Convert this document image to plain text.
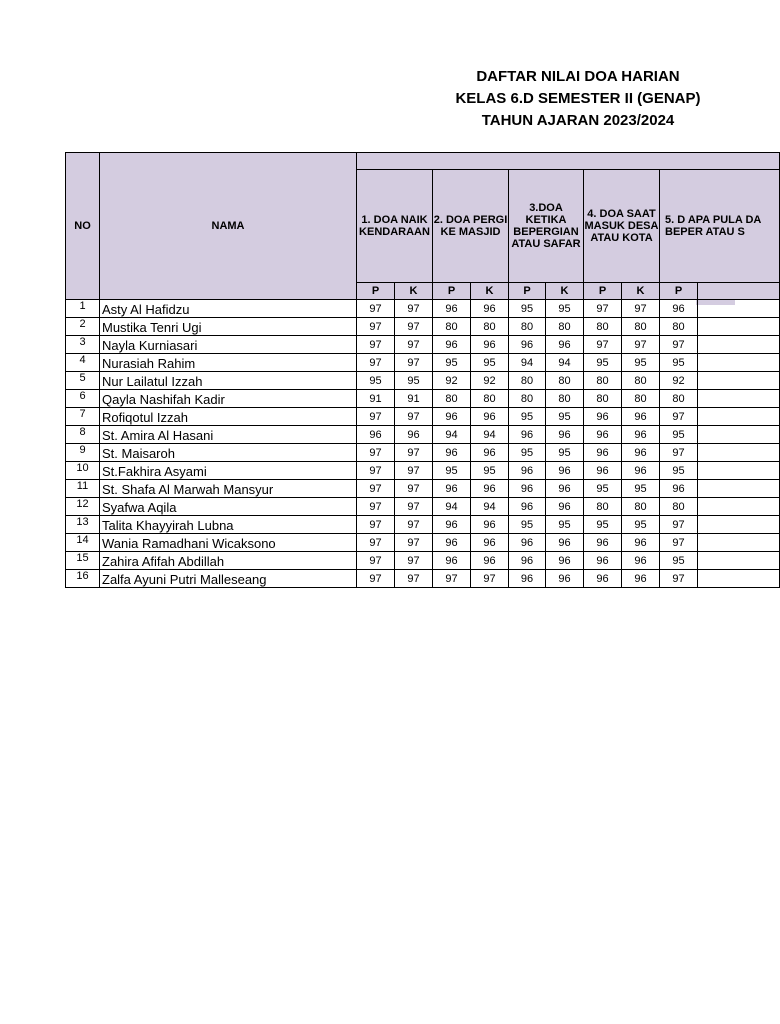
DAFTAR NILAI DOA HARIAN
KELAS 6.D SEMESTER II (GENAP)
TAHUN AJARAN 2023/2024
NO	NAMA										
		1. DOA NAIK KENDARAAN		2. DOA PERGI KE MASJID		3.DOA KETIKA BEPERGIAN ATAU SAFAR		4. DOA SAAT MASUK DESA ATAU KOTA		5. D APA PULA DA BEPER ATAU S	
		P	K	P	K	P	K	P	K	P	
1	Asty Al Hafidzu	97	97	96	96	95	95	97	97	96	
2	Mustika Tenri Ugi	97	97	80	80	80	80	80	80	80	
3	Nayla Kurniasari	97	97	96	96	96	96	97	97	97	
4	Nurasiah Rahim	97	97	95	95	94	94	95	95	95	
5	Nur Lailatul Izzah	95	95	92	92	80	80	80	80	92	
6	Qayla Nashifah Kadir	91	91	80	80	80	80	80	80	80	
7	Rofiqotul Izzah	97	97	96	96	95	95	96	96	97	
8	St. Amira Al Hasani	96	96	94	94	96	96	96	96	95	
9	St. Maisaroh	97	97	96	96	95	95	96	96	97	
10	St.Fakhira Asyami	97	97	95	95	96	96	96	96	95	
11	St. Shafa Al Marwah Mansyur	97	97	96	96	96	96	95	95	96	
12	Syafwa Aqila	97	97	94	94	96	96	80	80	80	
13	Talita Khayyirah Lubna	97	97	96	96	95	95	95	95	97	
14	Wania Ramadhani Wicaksono	97	97	96	96	96	96	96	96	97	
15	Zahira Afifah Abdillah	97	97	96	96	96	96	96	96	95	
16	Zalfa Ayuni Putri Malleseang	97	97	97	97	96	96	96	96	97	
